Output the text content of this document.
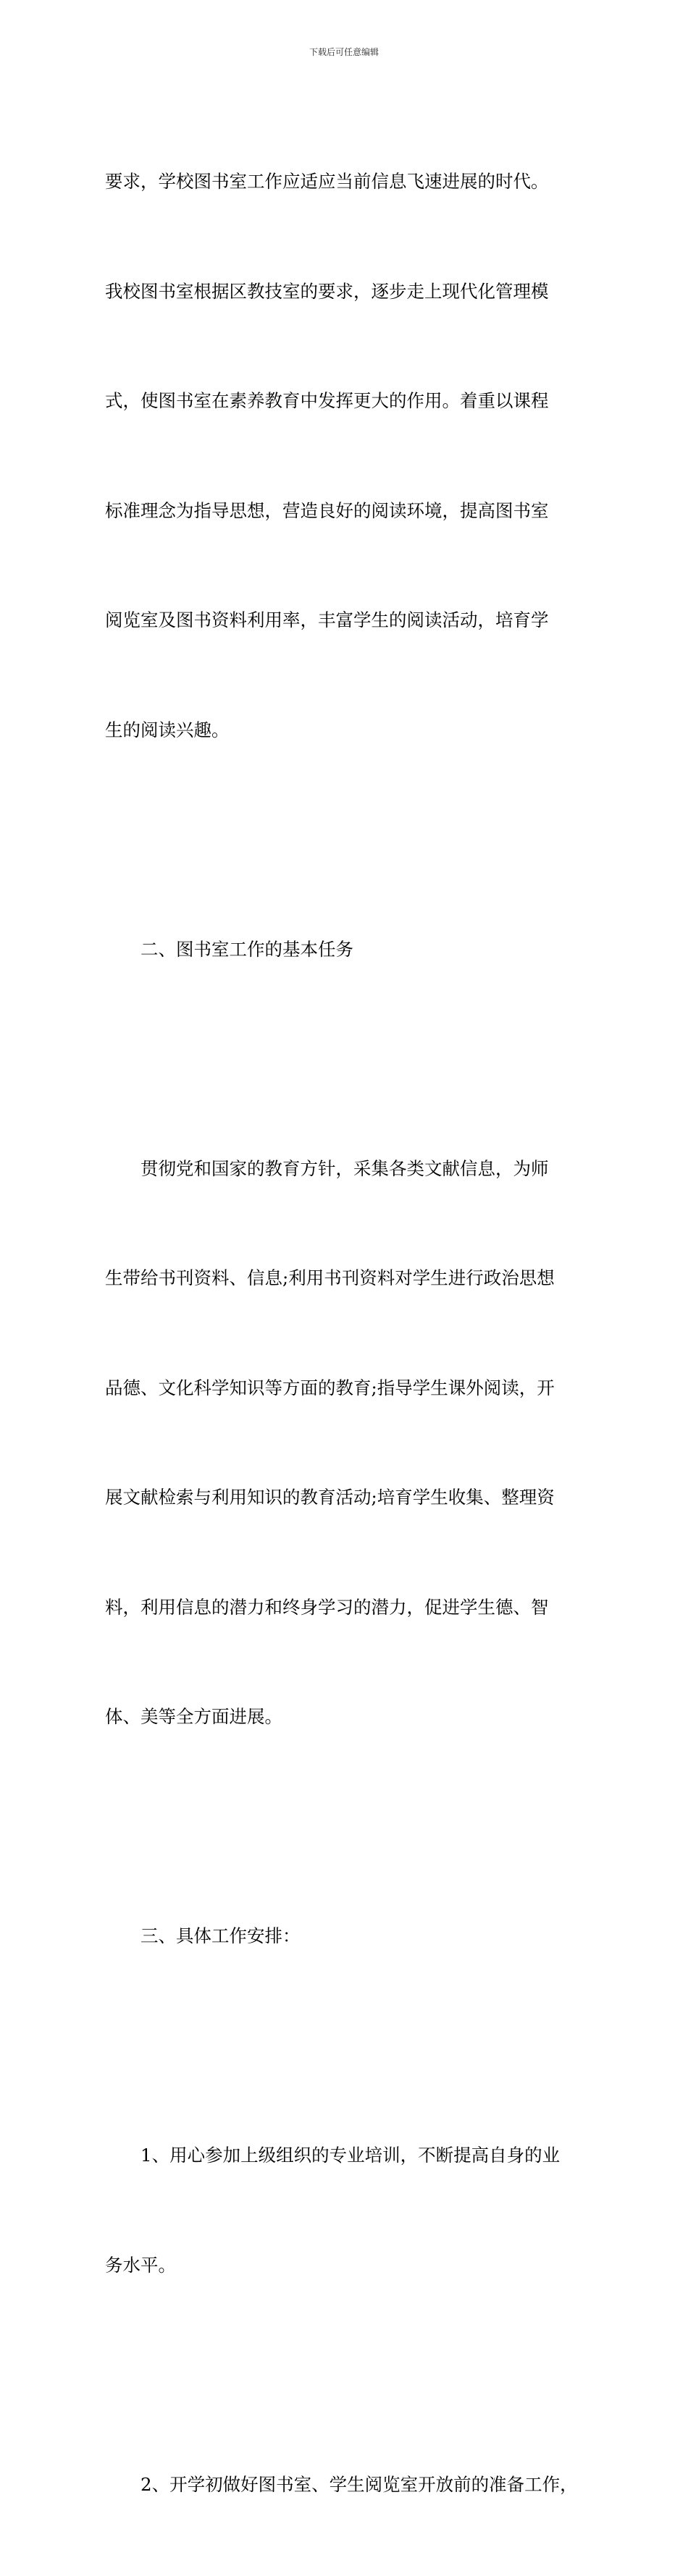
下载后可任意编辑

要求，学校图书室工作应适应当前信息飞速进展的时代。

我校图书室根据区教技室的要求，逐步走上现代化管理模

式，使图书室在素养教育中发挥更大的作用。着重以课程

标准理念为指导思想，营造良好的阅读环境，提高图书室

阅览室及图书资料利用率，丰富学生的阅读活动，培育学

生的阅读兴趣。

二、图书室工作的基本任务

贯彻党和国家的教育方针，采集各类文献信息，为师

生带给书刊资料、信息;利用书刊资料对学生进行政治思想

品德、文化科学知识等方面的教育;指导学生课外阅读，开

展文献检索与利用知识的教育活动;培育学生收集、整理资

料，利用信息的潜力和终身学习的潜力，促进学生德、智

体、美等全方面进展。

三、具体工作安排：

1、用心参加上级组织的专业培训，不断提高自身的业

务水平。

2、开学初做好图书室、学生阅览室开放前的准备工作，
